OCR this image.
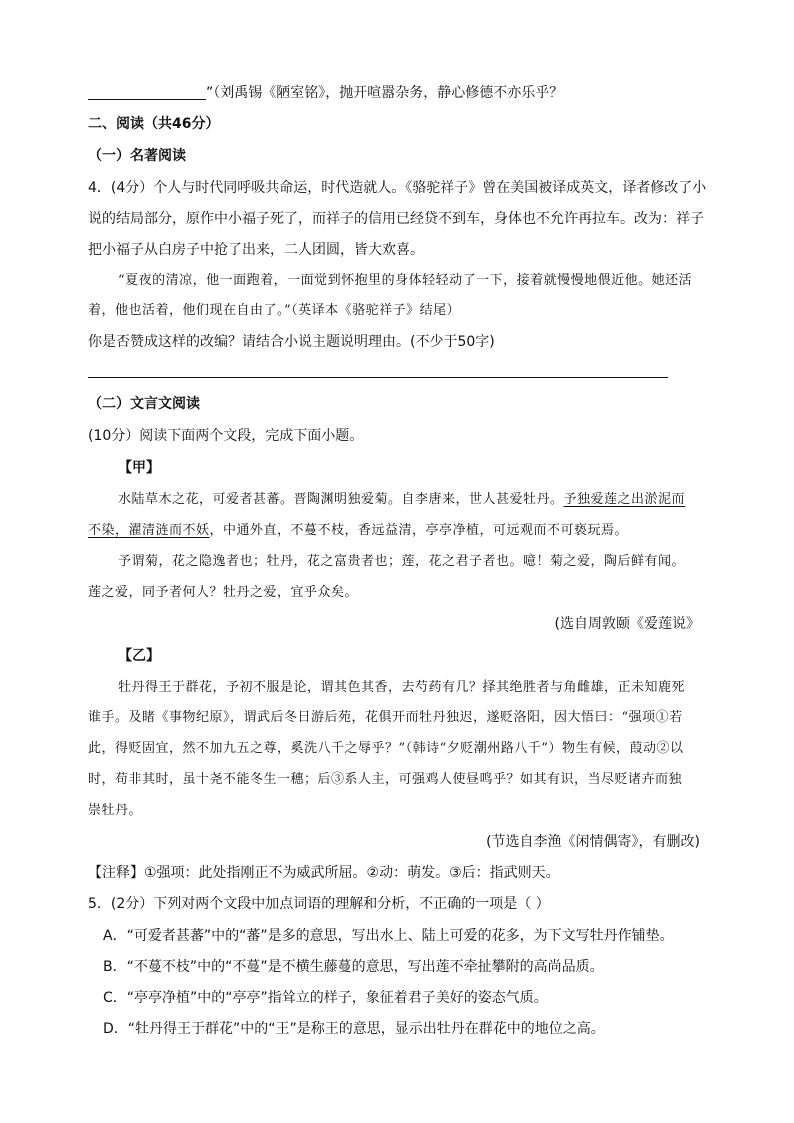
”（刘禹锡《陋室铭》，抛开喧嚣杂务，静心修德不亦乐乎？
二、阅读（共46分）
（一）名著阅读
4．(4分）个人与时代同呼吸共命运，时代造就人。《骆驼祥子》曾在美国被译成英文，译者修改了小
说的结局部分，原作中小福子死了，而祥子的信用已经贷不到车，身体也不允许再拉车。改为：祥子
把小福子从白房子中抢了出来，二人团圆，皆大欢喜。
“夏夜的清凉，他一面跑着，一面觉到怀抱里的身体轻轻动了一下，接着就慢慢地偎近他。她还活
着，他也活着，他们现在自由了。”（英译本《骆驼祥子》结尾）
你是否赞成这样的改编？请结合小说主题说明理由。(不少于50字)
（二）文言文阅读
(10分）阅读下面两个文段，完成下面小题。
【甲】
水陆草木之花，可爱者甚蕃。晋陶渊明独爱菊。自李唐来，世人甚爱牡丹。予独爱莲之出淤泥而
不染，濯清涟而不妖，中通外直，不蔓不枝，香远益清，亭亭净植，可远观而不可亵玩焉。
予谓菊，花之隐逸者也；牡丹，花之富贵者也；莲，花之君子者也。噫！菊之爱，陶后鲜有闻。
莲之爱，同予者何人？牡丹之爱，宜乎众矣。
(选自周敦颐《爱莲说》
【乙】
牡丹得王于群花，予初不服是论，谓其色其香，去芍药有几？择其绝胜者与角雌雄，正未知鹿死
谁手。及睹《事物纪原》，谓武后冬日游后苑，花俱开而牡丹独迟，遂贬洛阳，因大悟曰：“强项①若
此，得贬固宜，然不加九五之尊，奚洗八千之辱乎？”（韩诗“夕贬潮州路八千”）物生有候，葭动②以
时，苟非其时，虽十尧不能冬生一穗；后③系人主，可强鸡人使昼鸣乎？如其有识，当尽贬诸卉而独
崇牡丹。
(节选自李渔《闲情偶寄》，有删改)
【注释】①强项：此处指刚正不为威武所屈。②动：萌发。③后：指武则天。
5．(2分）下列对两个文段中加点词语的理解和分析，不正确的一项是（ ）
A．“可爱者甚蕃”中的“蕃”是多的意思，写出水上、陆上可爱的花多，为下文写牡丹作铺垫。
B．“不蔓不枝”中的“不蔓”是不横生藤蔓的意思，写出莲不牵扯攀附的高尚品质。
C．“亭亭净植”中的“亭亭”指耸立的样子，象征着君子美好的姿态气质。
D．“牡丹得王于群花”中的“王”是称王的意思，显示出牡丹在群花中的地位之高。
